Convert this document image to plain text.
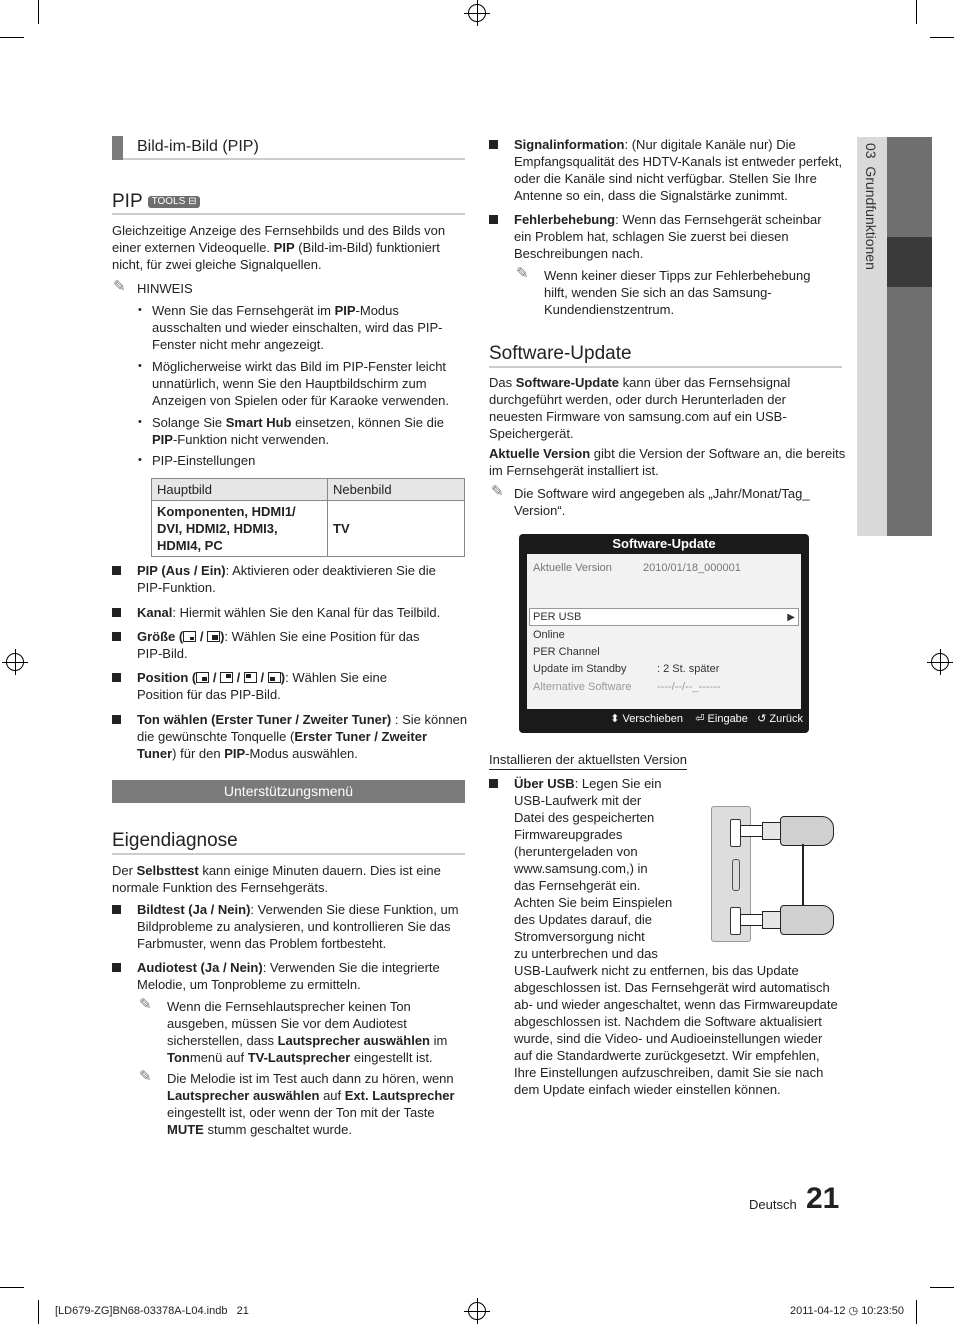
03  Grundfunktionen
Bild-im-Bild (PIP)
PIP TOOLS ⊟
Gleichzeitige Anzeige des Fernsehbilds und des Bilds von
einer externen Videoquelle. PIP (Bild-im-Bild) funktioniert
nicht, für zwei gleiche Signalquellen.
✎ HINWEIS
• Wenn Sie das Fernsehgerät im PIP-Modus
ausschalten und wieder einschalten, wird das PIP-
Fenster nicht mehr angezeigt.
• Möglicherweise wirkt das Bild im PIP-Fenster leicht
unnatürlich, wenn Sie den Hauptbildschirm zum
Anzeigen von Spielen oder für Karaoke verwenden.
• Solange Sie Smart Hub einsetzen, können Sie die
PIP-Funktion nicht verwenden.
• PIP-Einstellungen
Hauptbild	Nebenbild

Komponenten, HDMI1/
DVI, HDMI2, HDMI3,
HDMI4, PC	TV
PIP (Aus / Ein): Aktivieren oder deaktivieren Sie die
PIP-Funktion.
Kanal: Hiermit wählen Sie den Kanal für das Teilbild.
Größe (
/
): Wählen Sie eine Position für das
PIP-Bild.
Position (
/
/
/
): Wählen Sie eine
Position für das PIP-Bild.
Ton wählen (Erster Tuner / Zweiter Tuner) : Sie können
die gewünschte Tonquelle (Erster Tuner / Zweiter
Tuner) für den PIP-Modus auswählen.
Unterstützungsmenü
Eigendiagnose
Der Selbsttest kann einige Minuten dauern. Dies ist eine
normale Funktion des Fernsehgeräts.
Bildtest (Ja / Nein): Verwenden Sie diese Funktion, um
Bildprobleme zu analysieren, und kontrollieren Sie das
Farbmuster, wenn das Problem fortbesteht.
Audiotest (Ja / Nein): Verwenden Sie die integrierte
Melodie, um Tonprobleme zu ermitteln.
✎ Wenn die Fernsehlautsprecher keinen Ton
ausgeben, müssen Sie vor dem Audiotest
sicherstellen, dass Lautsprecher auswählen im
Tonmenü auf TV-Lautsprecher eingestellt ist.
✎ Die Melodie ist im Test auch dann zu hören, wenn
Lautsprecher auswählen auf Ext. Lautsprecher
eingestellt ist, oder wenn der Ton mit der Taste
MUTE stumm geschaltet wurde.
Signalinformation: (Nur digitale Kanäle nur) Die
Empfangsqualität des HDTV-Kanals ist entweder perfekt,
oder die Kanäle sind nicht verfügbar. Stellen Sie Ihre
Antenne so ein, dass die Signalstärke zunimmt.
Fehlerbehebung: Wenn das Fernsehgerät scheinbar
ein Problem hat, schlagen Sie zuerst bei diesen
Beschreibungen nach.
✎ Wenn keiner dieser Tipps zur Fehlerbehebung
hilft, wenden Sie sich an das Samsung-
Kundendienstzentrum.
Software-Update
Das Software-Update kann über das Fernsehsignal
durchgeführt werden, oder durch Herunterladen der
neuesten Firmware von samsung.com auf ein USB-
Speichergerät.
Aktuelle Version gibt die Version der Software an, die bereits
im Fernsehgerät installiert ist.
✎ Die Software wird angegeben als „Jahr/Monat/Tag_
Version“.
Software-Update
Aktuelle Version	2010/01/18_000001
PER USB	▶
Online
PER Channel
Update im Standby	: 2 St. später
Alternative Software ----/--/--_------
⬍ Verschieben ⏎ Eingabe ↺ Zurück
Installieren der aktuellsten Version
Über USB: Legen Sie ein
USB-Laufwerk mit der
Datei des gespeicherten
Firmwareupgrades
(heruntergeladen von
www.samsung.com,) in
das Fernsehgerät ein.
Achten Sie beim Einspielen
des Updates darauf, die
Stromversorgung nicht
zu unterbrechen und das
USB-Laufwerk nicht zu entfernen, bis das Update
abgeschlossen ist. Das Fernsehgerät wird automatisch
ab- und wieder angeschaltet, wenn das Firmwareupdate
abgeschlossen ist. Nachdem die Software aktualisiert
wurde, sind die Video- und Audioeinstellungen wieder
auf die Standardwerte zurückgesetzt. Wir empfehlen,
Ihre Einstellungen aufzuschreiben, damit Sie sie nach
dem Update einfach wieder einstellen können.
Deutsch 21
[LD679-ZG]BN68-03378A-L04.indb   21	2011-04-12 ◷ 10:23:50
